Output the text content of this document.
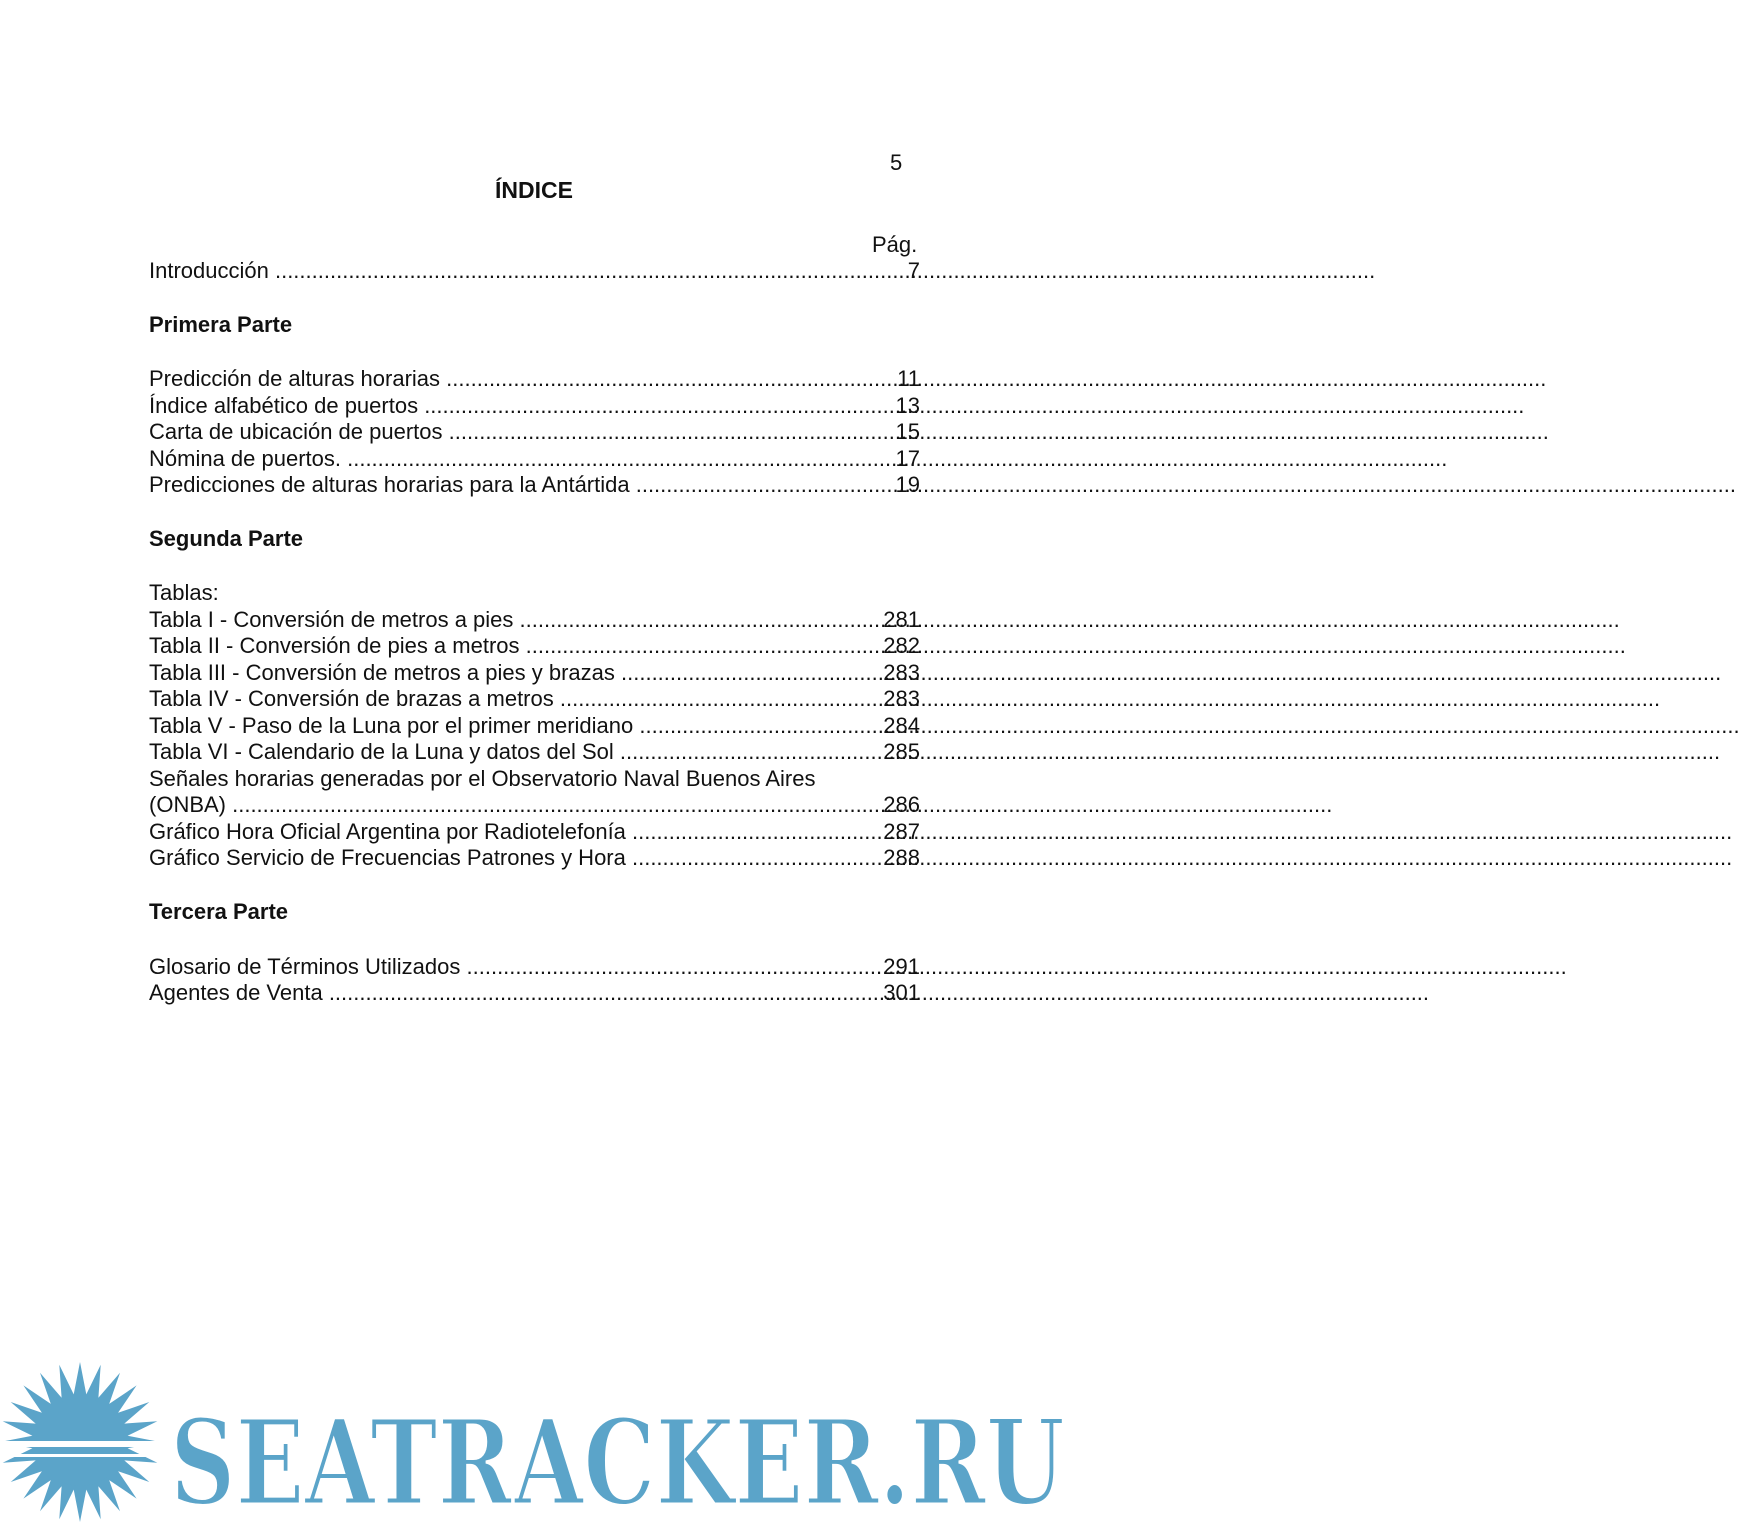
5
ÍNDICE
Pág.
Introducción .....	7
Primera Parte
Predicción de alturas horarias .....	11
Índice alfabético de puertos .....	13
Carta de ubicación de puertos .....	15
Nómina de puertos. .....	17
Predicciones de alturas horarias para la Antártida .....	19
Segunda Parte
Tablas:
Tabla I - Conversión de metros a pies .....	281
Tabla II - Conversión de pies a metros .....	282
Tabla III - Conversión de metros a pies y brazas .....	283
Tabla IV - Conversión de brazas a metros .....	283
Tabla V - Paso de la Luna por el primer meridiano .....	284
Tabla VI - Calendario de la Luna y datos del Sol .....	285
Señales horarias generadas por el Observatorio Naval Buenos Aires
(ONBA) .....	286
Gráfico Hora Oficial Argentina por Radiotelefonía .....	287
Gráfico Servicio de Frecuencias Patrones y Hora .....	288
Tercera Parte
Glosario de Términos Utilizados .....	291
Agentes de Venta .....	301
SEATRACKER.RU
